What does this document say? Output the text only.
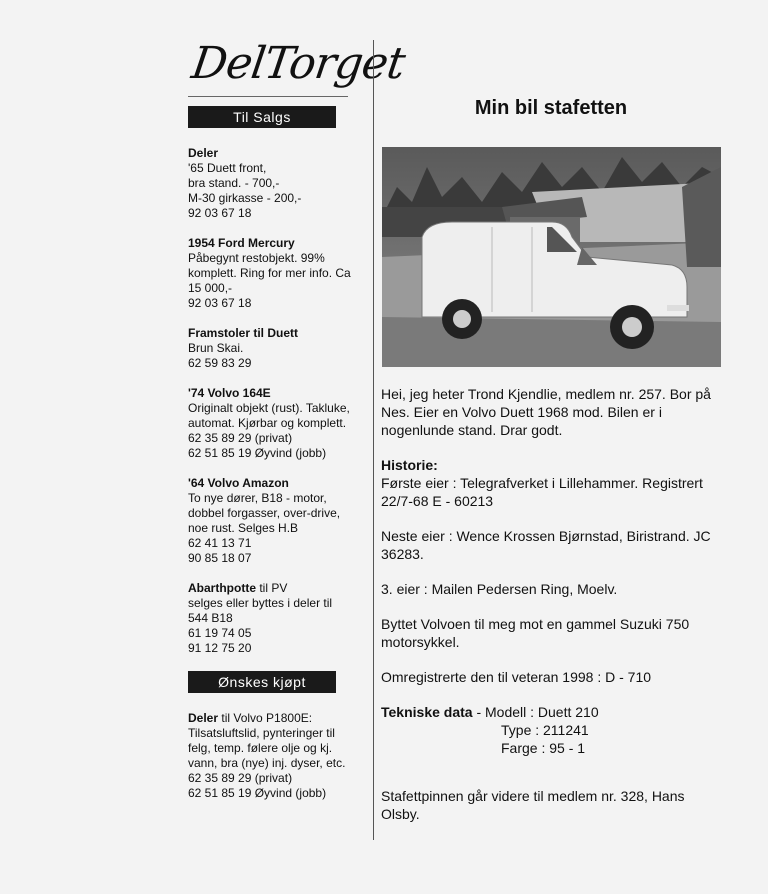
DelTorget
Til Salgs
Deler
'65 Duett front,
bra stand. - 700,-
M-30 girkasse - 200,-
92 03 67 18
1954 Ford Mercury
Påbegynt restobjekt. 99%
komplett. Ring for mer info. Ca
15 000,-
92 03 67 18
Framstoler til Duett
Brun Skai.
62 59 83 29
'74 Volvo 164E
Originalt objekt (rust). Takluke,
automat. Kjørbar og komplett.
62 35 89 29 (privat)
62 51 85 19 Øyvind (jobb)
'64 Volvo Amazon
To nye dører, B18 - motor,
dobbel forgasser, over-drive,
noe rust. Selges H.B
62 41 13 71
90 85 18 07
Abarthpotte til PV
selges eller byttes i deler til
544 B18
61 19 74 05
91 12 75 20
Ønskes kjøpt
Deler til Volvo P1800E:
Tilsatsluftslid, pynteringer til
felg, temp. følere olje og kj.
vann, bra (nye) inj. dyser, etc.
62 35 89 29 (privat)
62 51 85 19 Øyvind (jobb)
Min bil stafetten
Hei, jeg heter Trond Kjendlie, medlem nr. 257. Bor på Nes. Eier en Volvo Duett 1968 mod. Bilen er i nogenlunde stand. Drar godt.
Historie:
Første eier : Telegrafverket i Lillehammer. Registrert 22/7-68 E - 60213
Neste eier : Wence Krossen Bjørnstad, Biristrand. JC 36283.
3. eier : Mailen Pedersen Ring, Moelv.
Byttet Volvoen til meg mot en gammel Suzuki 750 motorsykkel.
Omregistrerte den til veteran 1998 : D - 710
Tekniske data - Modell : Duett 210
Type : 211241
Farge : 95 - 1
Stafettpinnen går videre til medlem nr. 328, Hans Olsby.
